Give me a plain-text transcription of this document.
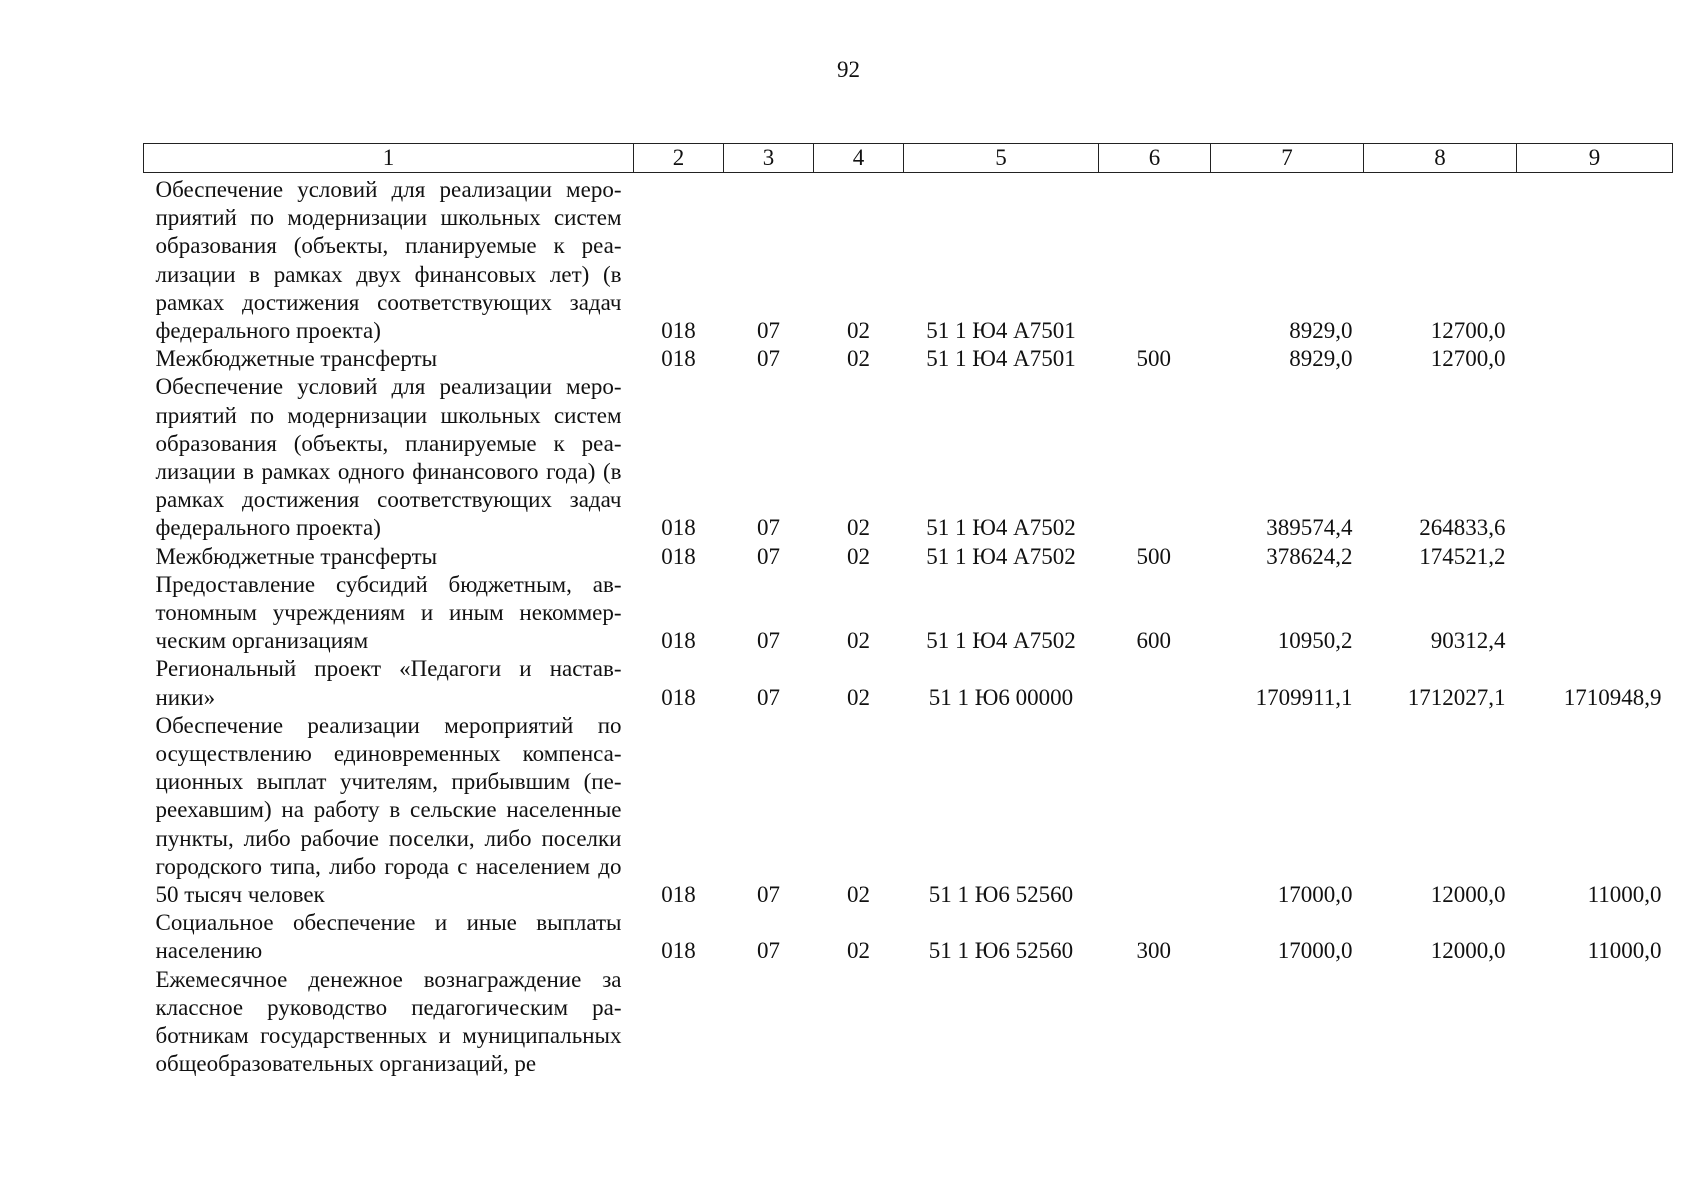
92
1	2	3	4	5	6	7	8	9
Обеспечение условий для реализации мероприятий по модернизации школьных систем образования (объекты, планируемые к реализации в рамках двух финансовых лет) (в рамках достижения соответствующих задач федерального проекта)	018	07	02	51 1 Ю4 А7501		8929,0	12700,0	
Межбюджетные трансферты	018	07	02	51 1 Ю4 А7501	500	8929,0	12700,0	
Обеспечение условий для реализации мероприятий по модернизации школьных систем образования (объекты, планируемые к реализации в рамках одного финансового года) (в рамках достижения соответствующих задач федерального проекта)	018	07	02	51 1 Ю4 А7502		389574,4	264833,6	
Межбюджетные трансферты	018	07	02	51 1 Ю4 А7502	500	378624,2	174521,2	
Предоставление субсидий бюджетным, автономным учреждениям и иным некоммерческим организациям	018	07	02	51 1 Ю4 А7502	600	10950,2	90312,4	
Региональный проект «Педагоги и наставники»	018	07	02	51 1 Ю6 00000		1709911,1	1712027,1	1710948,9
Обеспечение реализации мероприятий по осуществлению единовременных компенсационных выплат учителям, прибывшим (переехавшим) на работу в сельские населенные пункты, либо рабочие поселки, либо поселки городского типа, либо города с населением до 50 тысяч человек	018	07	02	51 1 Ю6 52560		17000,0	12000,0	11000,0
Социальное обеспечение и иные выплаты населению	018	07	02	51 1 Ю6 52560	300	17000,0	12000,0	11000,0
Ежемесячное денежное вознаграждение за классное руководство педагогическим работникам государственных и муниципальных общеобразовательных организаций, ре								
